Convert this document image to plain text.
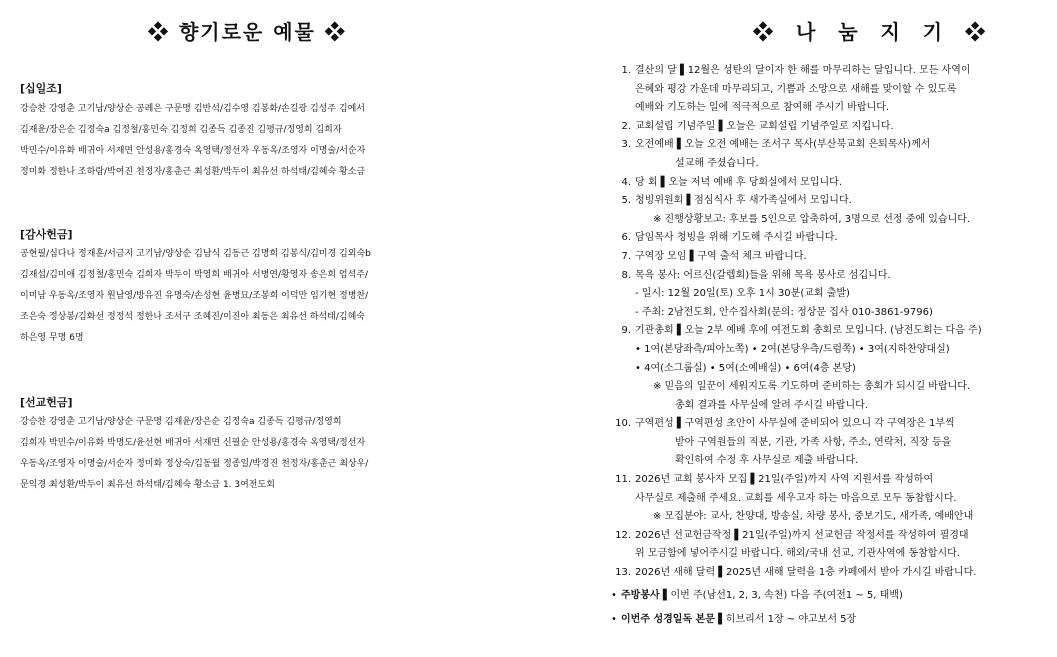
❖ 향기로운 예물 ❖
[십일조]
강승찬 강영춘 고기남/양상순 공례은 구문명 김반석/김수영 김봉화/손길광 김성주 김예서
김재윤/장은순 김정숙a 김정철/홍민숙 김정희 김종득 김종진 김평규/정영희 김희자
박민수/이유화 배귀아 서재면 안성용/홍경숙 옥영택/정선자 우동옥/조영자 이명술/서순자
정미화 정한나 조하람/박여진 천정자/홍춘근 최성환/박두이 최유선 하석태/김혜숙 황소금
[감사헌금]
공현필/심다나 정재훈/서금지 고기남/양상순 김남식 김동근 김명희 김봉식/김미경 김외숙b
김재섭/김미애 김정철/홍민숙 김희자 박두이 박영희 배귀아 서병연/황영자 송은희 엄석주/
이미남 우동옥/조영자 원남영/방유진 유명숙/손성현 윤병묘/조봉희 이덕만 임기현 정병찬/
조은숙 정상봉/김화선 정정석 정한나 조서구 조혜진/이진아 최동은 최유선 하석태/김혜숙
하은영 무명 6명
[선교헌금]
강승찬 강영춘 고기남/양상순 구문명 김재윤/장은순 김정숙a 김종득 김평규/정영희
김희자 박민수/이유화 박명도/윤선현 배귀아 서재면 신필순 안성용/홍경숙 옥영택/정선자
우동옥/조영자 이명술/서순자 정미화 정상숙/김동월 정종일/박경진 천정자/홍춘근 최상우/
문익경 최성환/박두이 최유선 하석태/김혜숙 황소금 1. 3여전도회
❖ 나 눔 지 기 ❖
1. 결산의 달 ▌12월은 성탄의 달이자 한 해를 마무리하는 달입니다. 모든 사역이
은혜와 평강 가운데 마무리되고, 기쁨과 소망으로 새해를 맞이할 수 있도록
예배와 기도하는 일에 적극적으로 참여해 주시기 바랍니다.
2. 교회설립 기념주일 ▌오늘은 교회설립 기념주일로 지킵니다.
3. 오전예배 ▌오늘 오전 예배는 조서구 목사(부산북교회 은퇴목사)께서
설교해 주셨습니다.
4. 당 회 ▌오늘 저녁 예배 후 당회실에서 모입니다.
5. 청빙위원회 ▌점심식사 후 새가족실에서 모입니다.
※ 진행상황보고: 후보를 5인으로 압축하여, 3명으로 선정 중에 있습니다.
6. 담임목사 청빙을 위해 기도해 주시길 바랍니다.
7. 구역장 모임 ▌구역 출석 체크 바랍니다.
8. 목욕 봉사: 어르신(갈렙회)들을 위해 목욕 봉사로 섬깁니다.
- 일시: 12월 20일(토) 오후 1시 30분(교회 출발)
- 주최: 2남전도회, 안수집사회(문의: 정상문 집사 010-3861-9796)
9. 기관총회 ▌오늘 2부 예배 후에 여전도회 총회로 모입니다. (남전도회는 다음 주)
• 1여(본당좌측/피아노쪽) • 2여(본당우측/드럼쪽) • 3여(지하찬양대실)
• 4여(소그룹실) • 5여(소예배실) • 6여(4층 본당)
※ 믿음의 일꾼이 세워지도록 기도하며 준비하는 총회가 되시길 바랍니다.
총회 결과를 사무실에 알려 주시길 바랍니다.
10. 구역편성 ▌구역편성 초안이 사무실에 준비되어 있으니 각 구역장은 1부씩
받아 구역원들의 직분, 기관, 가족 사항, 주소, 연락처, 직장 등을
확인하여 수정 후 사무실로 제출 바랍니다.
11. 2026년 교회 봉사자 모집 ▌21일(주일)까지 사역 지원서를 작성하여
사무실로 제출해 주세요. 교회를 세우고자 하는 마음으로 모두 동참합시다.
※ 모집분야: 교사, 찬양대, 방송실, 차량 봉사, 중보기도, 새가족, 예배안내
12. 2026년 선교헌금작정 ▌21일(주일)까지 선교헌금 작정서를 작성하여 필경대
위 모금함에 넣어주시길 바랍니다. 해외/국내 선교, 기관사역에 동참합시다.
13. 2026년 새해 달력 ▌2025년 새해 달력을 1층 카페에서 받아 가시길 바랍니다.
• 주방봉사 ▌이번 주(남선1, 2, 3, 속천) 다음 주(여전1 ~ 5, 태백)
• 이번주 성경일독 본문 ▌히브리서 1장 ~ 야고보서 5장
